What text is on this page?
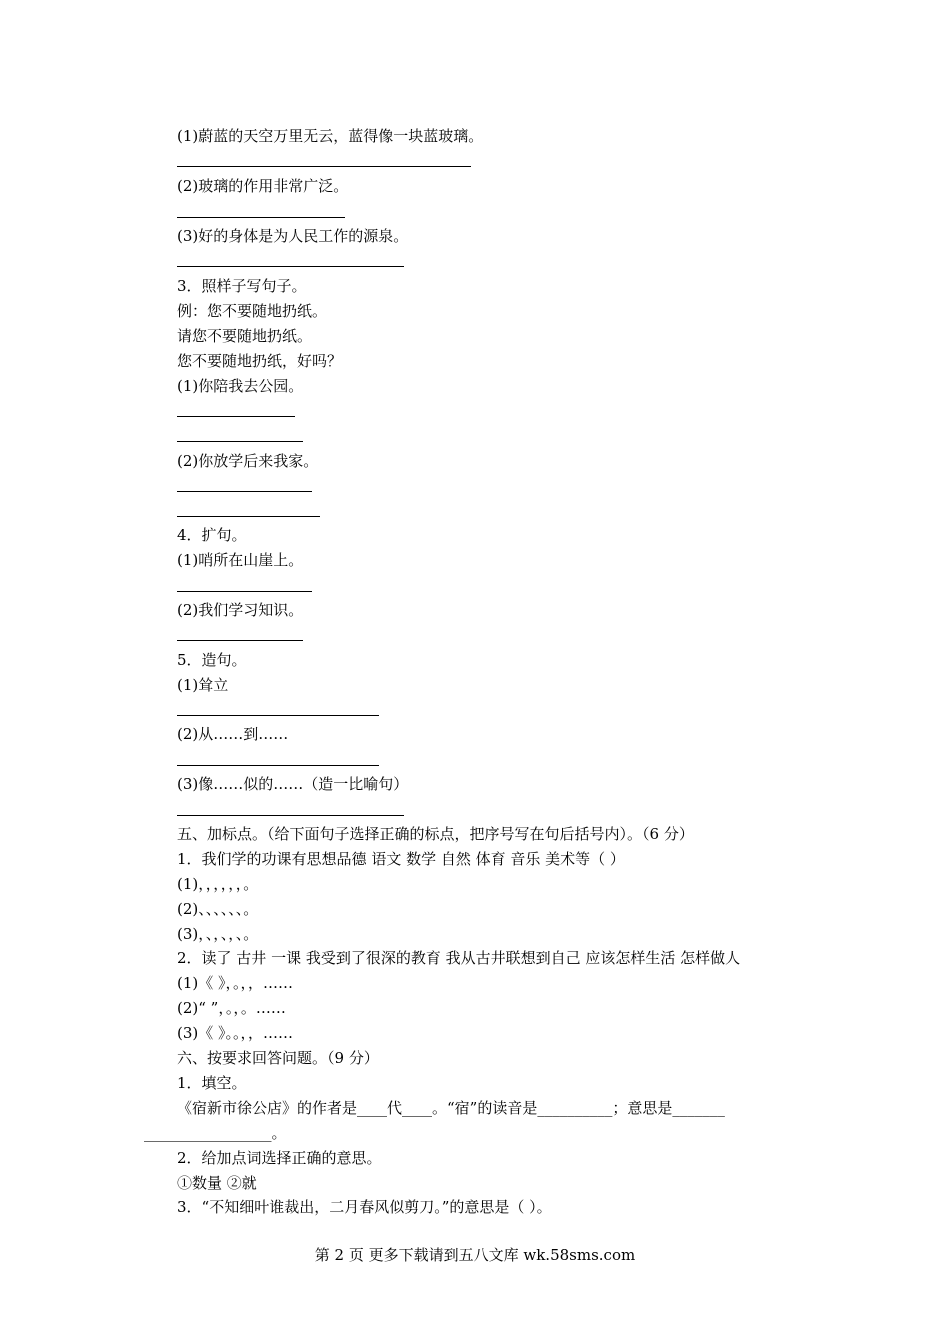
(1)蔚蓝的天空万里无云，蓝得像一块蓝玻璃。
(2)玻璃的作用非常广泛。
(3)好的身体是为人民工作的源泉。
3．照样子写句子。
例：您不要随地扔纸。
请您不要随地扔纸。
您不要随地扔纸，好吗？
(1)你陪我去公园。
(2)你放学后来我家。
4．扩句。
(1)哨所在山崖上。
(2)我们学习知识。
5．造句。
(1)耸立
(2)从……到……
(3)像……似的……（造一比喻句）
五、加标点。（给下面句子选择正确的标点，把序号写在句后括号内）。（6 分）
1．我们学的功课有思想品德 语文 数学 自然 体育 音乐 美术等（ ）
(1)，，，，，，。
(2)、、、、、、。
(3)，、，、，、。
2．读了 古井 一课 我受到了很深的教育 我从古井联想到自己 应该怎样生活 怎样做人
(1)《 》，。，，……
(2)“ ”，。，。……
(3)《 》。。，，……
六、按要求回答问题。（9 分）
1．填空。
《宿新市徐公店》的作者是____代____。“宿”的读音是__________；意思是_______
_________________。
2．给加点词选择正确的意思。
①数量 ②就
3．“不知细叶谁裁出，二月春风似剪刀。”的意思是（ ）。
第 2 页 更多下载请到五八文库 wk.58sms.com
